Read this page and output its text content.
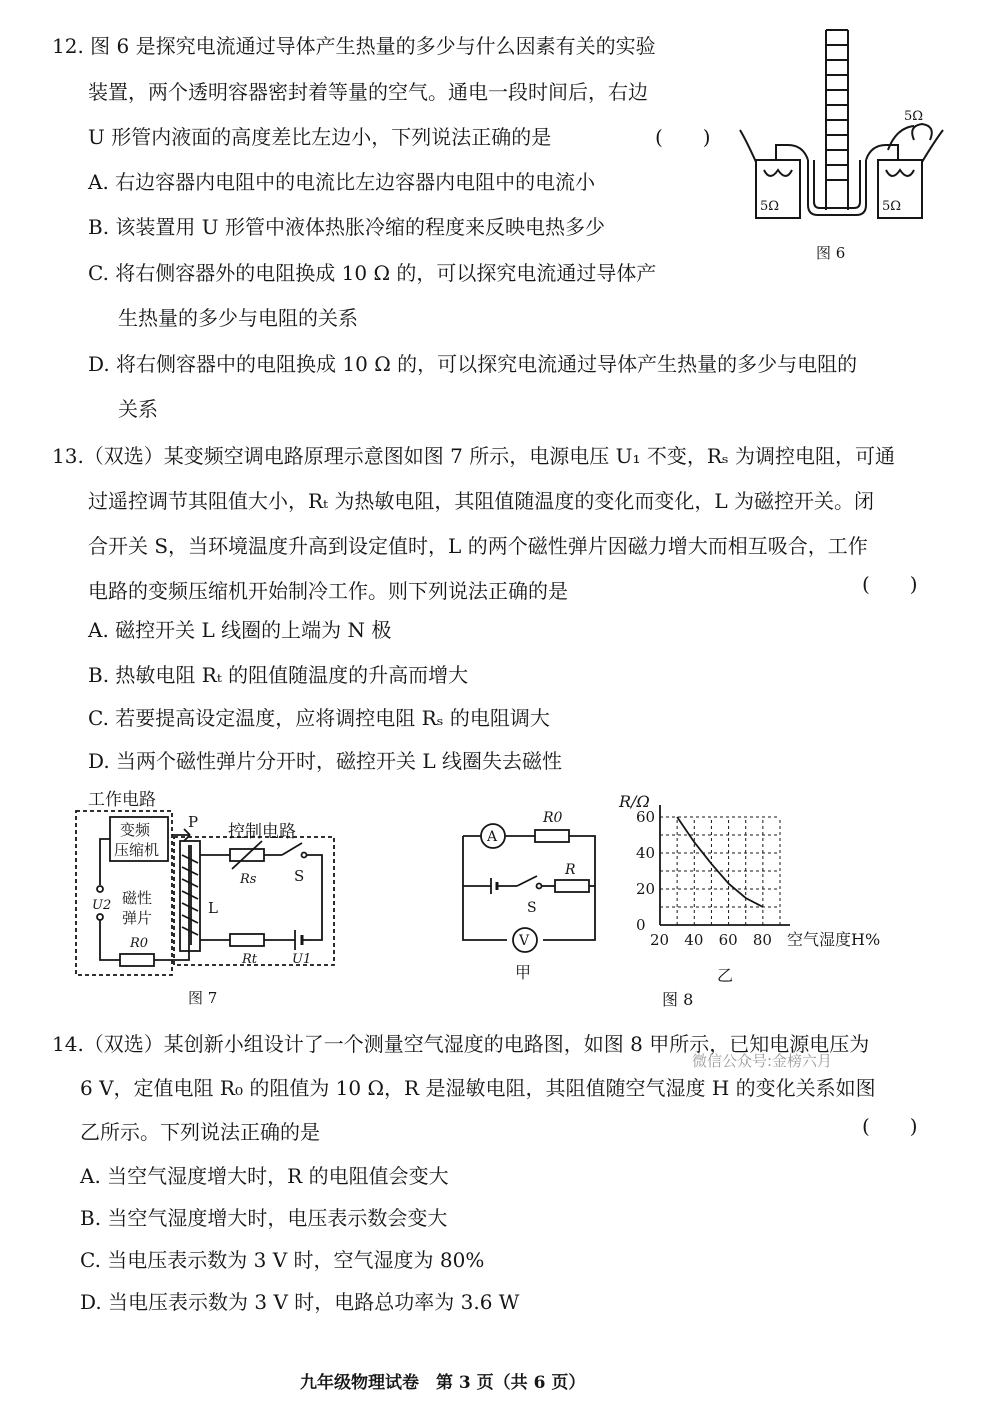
12. 图 6 是探究电流通过导体产生热量的多少与什么因素有关的实验
装置，两个透明容器密封着等量的空气。通电一段时间后，右边
U 形管内液面的高度差比左边小，下列说法正确的是	(　　)
A. 右边容器内电阻中的电流比左边容器内电阻中的电流小
B. 该装置用 U 形管中液体热胀冷缩的程度来反映电热多少
C. 将右侧容器外的电阻换成 10 Ω 的，可以探究电流通过导体产
生热量的多少与电阻的关系
D. 将右侧容器中的电阻换成 10 Ω 的，可以探究电流通过导体产生热量的多少与电阻的
关系
5Ω	5Ω
5Ω
图 6
13.（双选）某变频空调电路原理示意图如图 7 所示，电源电压 U₁ 不变，Rₛ 为调控电阻，可通
过遥控调节其阻值大小，Rₜ 为热敏电阻，其阻值随温度的变化而变化，L 为磁控开关。闭
合开关 S，当环境温度升高到设定值时，L 的两个磁性弹片因磁力增大而相互吸合，工作
电路的变频压缩机开始制冷工作。则下列说法正确的是	(　　)
A. 磁控开关 L 线圈的上端为 N 极
B. 热敏电阻 Rₜ 的阻值随温度的升高而增大
C. 若要提高设定温度，应将调控电阻 Rₛ 的电阻调大
D. 当两个磁性弹片分开时，磁控开关 L 线圈失去磁性
工作电路
控制电路
变频
压缩机
P
Rs	S
U2 磁性
弹片
L
R0
Rt	U1
图 7
A
R0
S
R
V
甲
20 40 60 80
0
20
40
60
R/Ω
空气湿度H%
乙
图 8
14.（双选）某创新小组设计了一个测量空气湿度的电路图，如图 8 甲所示，已知电源电压为
微信公众号:金榜六月
6 V，定值电阻 R₀ 的阻值为 10 Ω，R 是湿敏电阻，其阻值随空气湿度 H 的变化关系如图
乙所示。下列说法正确的是	(　　)
A. 当空气湿度增大时，R 的电阻值会变大
B. 当空气湿度增大时，电压表示数会变大
C. 当电压表示数为 3 V 时，空气湿度为 80%
D. 当电压表示数为 3 V 时，电路总功率为 3.6 W
九年级物理试卷　第 3 页（共 6 页）
